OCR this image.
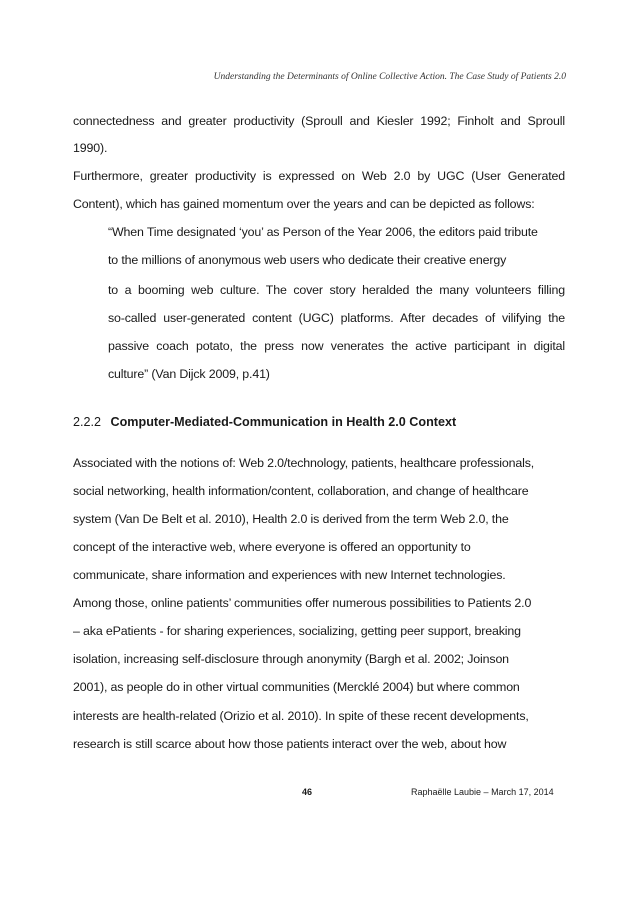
Understanding the Determinants of Online Collective Action. The Case Study of Patients 2.0
connectedness and greater productivity (Sproull and Kiesler 1992; Finholt and Sproull
1990).
Furthermore, greater productivity is expressed on Web 2.0 by UGC (User Generated
Content), which has gained momentum over the years and can be depicted as follows:
“When Time designated ‘you’ as Person of the Year 2006, the editors paid tribute
to the millions of anonymous web users who dedicate their creative energy
to a booming web culture. The cover story heralded the many volunteers filling
so-called user-generated content (UGC) platforms. After decades of vilifying the
passive coach potato, the press now venerates the active participant in digital
culture” (Van Dijck 2009, p.41)
2.2.2 Computer-Mediated-Communication in Health 2.0 Context
Associated with the notions of: Web 2.0/technology, patients, healthcare professionals,
social networking, health information/content, collaboration, and change of healthcare
system (Van De Belt et al. 2010), Health 2.0 is derived from the term Web 2.0, the
concept of the interactive web, where everyone is offered an opportunity to
communicate, share information and experiences with new Internet technologies.
Among those, online patients’ communities offer numerous possibilities to Patients 2.0
– aka ePatients - for sharing experiences, socializing, getting peer support, breaking
isolation, increasing self-disclosure through anonymity (Bargh et al. 2002; Joinson
2001), as people do in other virtual communities (Mercklé 2004) but where common
interests are health-related (Orizio et al. 2010). In spite of these recent developments,
research is still scarce about how those patients interact over the web, about how
46	Raphaëlle Laubie – March 17, 2014
